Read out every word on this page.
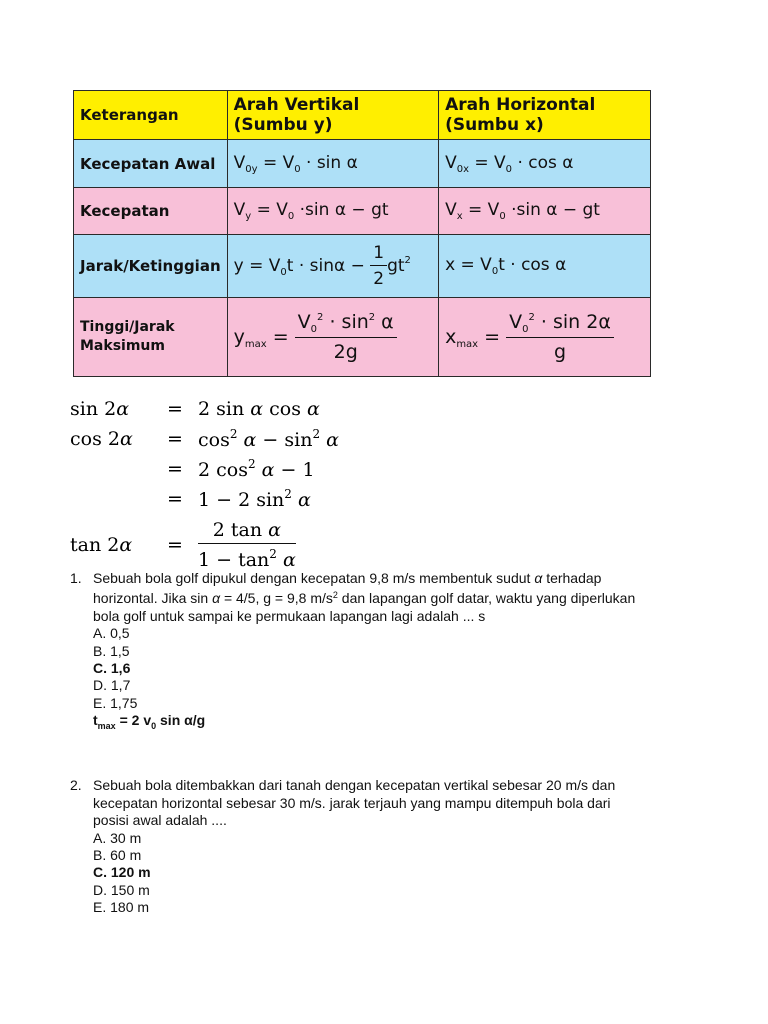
Keterangan	Arah Vertikal (Sumbu y)	Arah Horizontal (Sumbu x)
Kecepatan Awal	$V_{0y} = V_0 \cdot \sin \alpha$	$V_{0x} = V_0 \cdot \cos \alpha$
Kecepatan	$V_y = V_0 \cdot\sin$ α − gt	$V_x = V_0 \cdot\sin$ α − gt
Jarak/Ketinggian	$y = V_0t \cdot \sin\alpha - \frac{1}{2} gt^2$	$x = V_0t \cdot \cos \alpha$
Tinggi/Jarak
Maksimum	$y_{max} = \frac{V_0^2 \cdot \sin^2 \alpha}{2g}$	$x_{max} = \frac{V_0^2 \cdot \sin 2\alpha}{g}$
sin 2α	= 2 sin α cos α
cos 2α	= $\cos^2 \alpha - \sin^2 \alpha$
= 2 $\cos^2 \alpha - 1$
= 1 − 2 $\sin^2 \alpha$
tan 2α	= $\frac{\text{2 tan α}}{1 - \tan^2 \alpha}$
1. Sebuah bola golf dipukul dengan kecepatan 9,8 m/s membentuk sudut α terhadap
horizontal. Jika sin α = 4/5, g = 9,8 $m/s^2$ dan lapangan golf datar, waktu yang diperlukan
bola golf untuk sampai ke permukaan lapangan lagi adalah ... s
A. 0,5
B. 1,5
C. 1,6
D. 1,7
E. 1,75
$t_{max} = 2$ $v_0$ sin α/g
2. Sebuah bola ditembakkan dari tanah dengan kecepatan vertikal sebesar 20 m/s dan
kecepatan horizontal sebesar 30 m/s. jarak terjauh yang mampu ditempuh bola dari
posisi awal adalah ....
A. 30 m
B. 60 m
C. 120 m
D. 150 m
E. 180 m
